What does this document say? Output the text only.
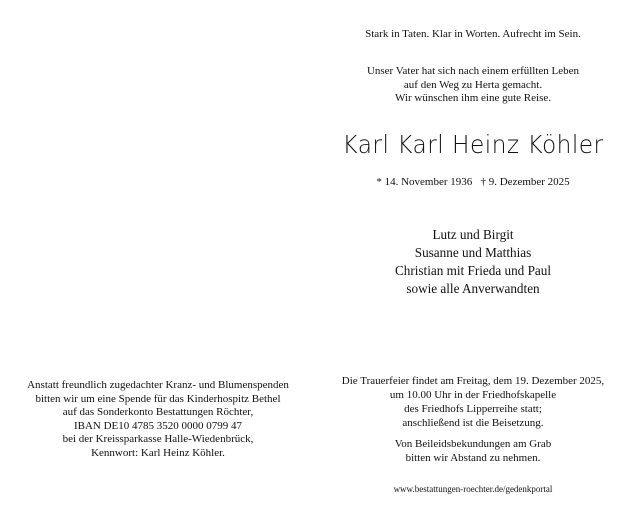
Anstatt freundlich zugedachter Kranz- und Blumenspenden
bitten wir um eine Spende für das Kinderhospitz Bethel
auf das Sonderkonto Bestattungen Röchter,
IBAN DE10 4785 3520 0000 0799 47
bei der Kreissparkasse Halle-Wiedenbrück,
Kennwort: Karl Heinz Köhler.
Stark in Taten. Klar in Worten. Aufrecht im Sein.
Unser Vater hat sich nach einem erfüllten Leben
auf den Weg zu Herta gemacht.
Wir wünschen ihm eine gute Reise.
Karl Karl Heinz Köhler
* 14. November 1936   † 9. Dezember 2025
Lutz und Birgit
Susanne und Matthias
Christian mit Frieda und Paul
sowie alle Anverwandten
Die Trauerfeier findet am Freitag, dem 19. Dezember 2025,
um 10.00 Uhr in der Friedhofskapelle
des Friedhofs Lipperreihe statt;
anschließend ist die Beisetzung.
Von Beileidsbekundungen am Grab
bitten wir Abstand zu nehmen.
www.bestattungen-roechter.de/gedenkportal
